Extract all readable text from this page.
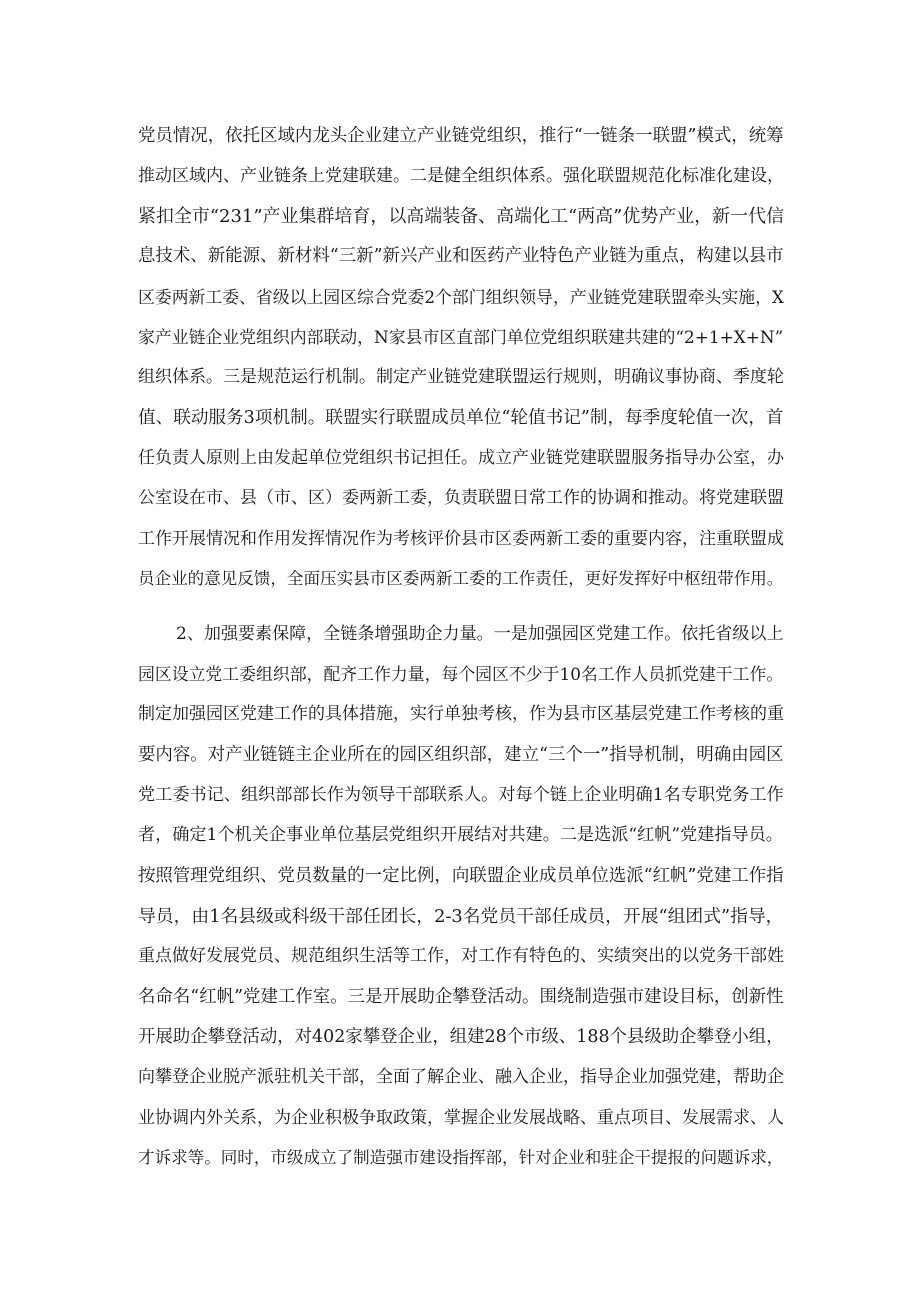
党员情况，依托区域内龙头企业建立产业链党组织，推行“一链条一联盟”模式，统筹
推动区域内、产业链条上党建联建。二是健全组织体系。强化联盟规范化标准化建设，
紧扣全市“231”产业集群培育，以高端装备、高端化工“两高”优势产业，新一代信
息技术、新能源、新材料“三新”新兴产业和医药产业特色产业链为重点，构建以县市
区委两新工委、省级以上园区综合党委2个部门组织领导，产业链党建联盟牵头实施，X
家产业链企业党组织内部联动，N家县市区直部门单位党组织联建共建的“2+1+X+N”
组织体系。三是规范运行机制。制定产业链党建联盟运行规则，明确议事协商、季度轮
值、联动服务3项机制。联盟实行联盟成员单位“轮值书记”制，每季度轮值一次，首
任负责人原则上由发起单位党组织书记担任。成立产业链党建联盟服务指导办公室，办
公室设在市、县（市、区）委两新工委，负责联盟日常工作的协调和推动。将党建联盟
工作开展情况和作用发挥情况作为考核评价县市区委两新工委的重要内容，注重联盟成
员企业的意见反馈，全面压实县市区委两新工委的工作责任，更好发挥好中枢纽带作用。
2、加强要素保障，全链条增强助企力量。一是加强园区党建工作。依托省级以上
园区设立党工委组织部，配齐工作力量，每个园区不少于10名工作人员抓党建干工作。
制定加强园区党建工作的具体措施，实行单独考核，作为县市区基层党建工作考核的重
要内容。对产业链链主企业所在的园区组织部，建立“三个一”指导机制，明确由园区
党工委书记、组织部部长作为领导干部联系人。对每个链上企业明确1名专职党务工作
者，确定1个机关企事业单位基层党组织开展结对共建。二是选派“红帆”党建指导员。
按照管理党组织、党员数量的一定比例，向联盟企业成员单位选派“红帆”党建工作指
导员，由1名县级或科级干部任团长，2-3名党员干部任成员，开展“组团式”指导，
重点做好发展党员、规范组织生活等工作，对工作有特色的、实绩突出的以党务干部姓
名命名“红帆”党建工作室。三是开展助企攀登活动。围绕制造强市建设目标，创新性
开展助企攀登活动，对402家攀登企业，组建28个市级、188个县级助企攀登小组，
向攀登企业脱产派驻机关干部，全面了解企业、融入企业，指导企业加强党建，帮助企
业协调内外关系，为企业积极争取政策，掌握企业发展战略、重点项目、发展需求、人
才诉求等。同时，市级成立了制造强市建设指挥部，针对企业和驻企干提报的问题诉求，
